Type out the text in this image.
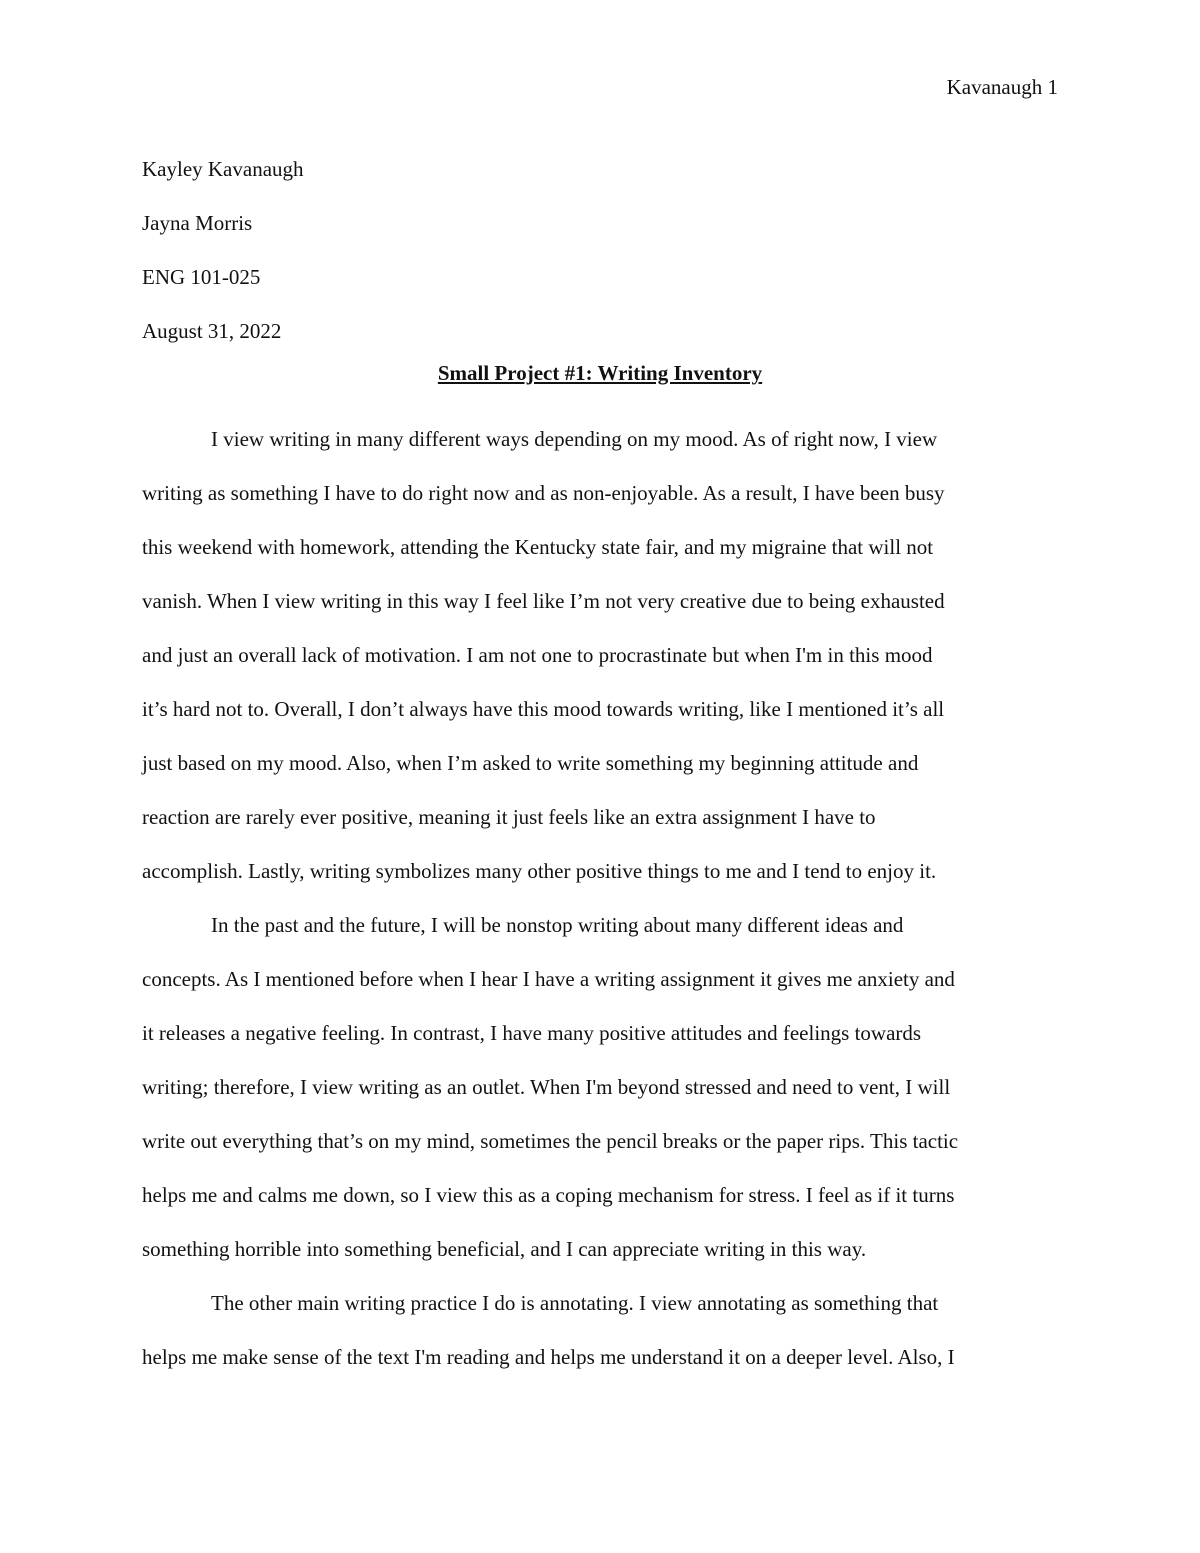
Kavanaugh 1
Kayley Kavanaugh
Jayna Morris
ENG 101-025
August 31, 2022
Small Project #1: Writing Inventory
I view writing in many different ways depending on my mood. As of right now, I view
writing as something I have to do right now and as non-enjoyable. As a result, I have been busy
this weekend with homework, attending the Kentucky state fair, and my migraine that will not
vanish. When I view writing in this way I feel like I’m not very creative due to being exhausted
and just an overall lack of motivation. I am not one to procrastinate but when I'm in this mood
it’s hard not to. Overall, I don’t always have this mood towards writing, like I mentioned it’s all
just based on my mood. Also, when I’m asked to write something my beginning attitude and
reaction are rarely ever positive, meaning it just feels like an extra assignment I have to
accomplish. Lastly, writing symbolizes many other positive things to me and I tend to enjoy it.
In the past and the future, I will be nonstop writing about many different ideas and
concepts. As I mentioned before when I hear I have a writing assignment it gives me anxiety and
it releases a negative feeling. In contrast, I have many positive attitudes and feelings towards
writing; therefore, I view writing as an outlet. When I'm beyond stressed and need to vent, I will
write out everything that’s on my mind, sometimes the pencil breaks or the paper rips. This tactic
helps me and calms me down, so I view this as a coping mechanism for stress. I feel as if it turns
something horrible into something beneficial, and I can appreciate writing in this way.
The other main writing practice I do is annotating. I view annotating as something that
helps me make sense of the text I'm reading and helps me understand it on a deeper level. Also, I
